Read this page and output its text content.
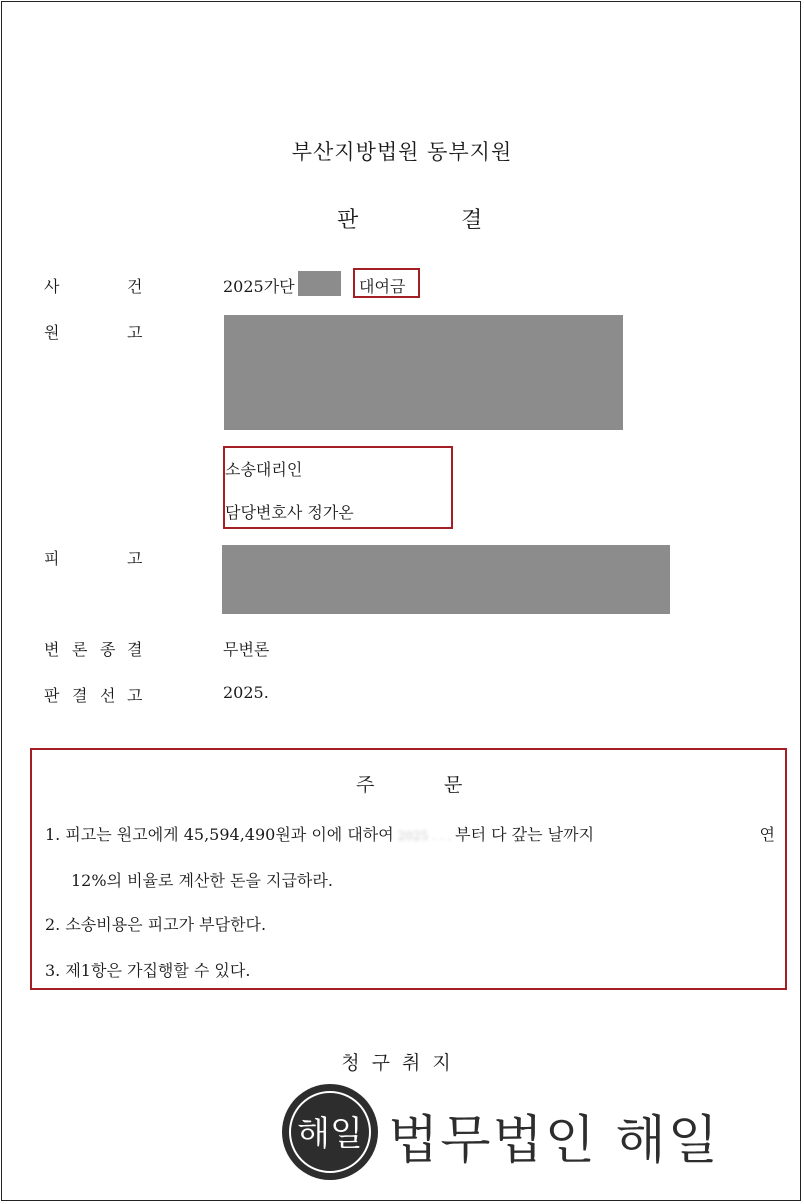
부산지방법원 동부지원
판	결
사	건	2025가단	대여금
원	고
소송대리인
담당변호사 정가온
피	고
변 론 종 결	무변론
판 결 선 고	2025.
주	문
1. 피고는 원고에게 45,594,490원과 이에 대하여 2025 . . . 부터 다 갚는 날까지	연
12%의 비율로 계산한 돈을 지급하라.
2. 소송비용은 피고가 부담한다.
3. 제1항은 가집행할 수 있다.
청구취지
해일 법무법인 해일
